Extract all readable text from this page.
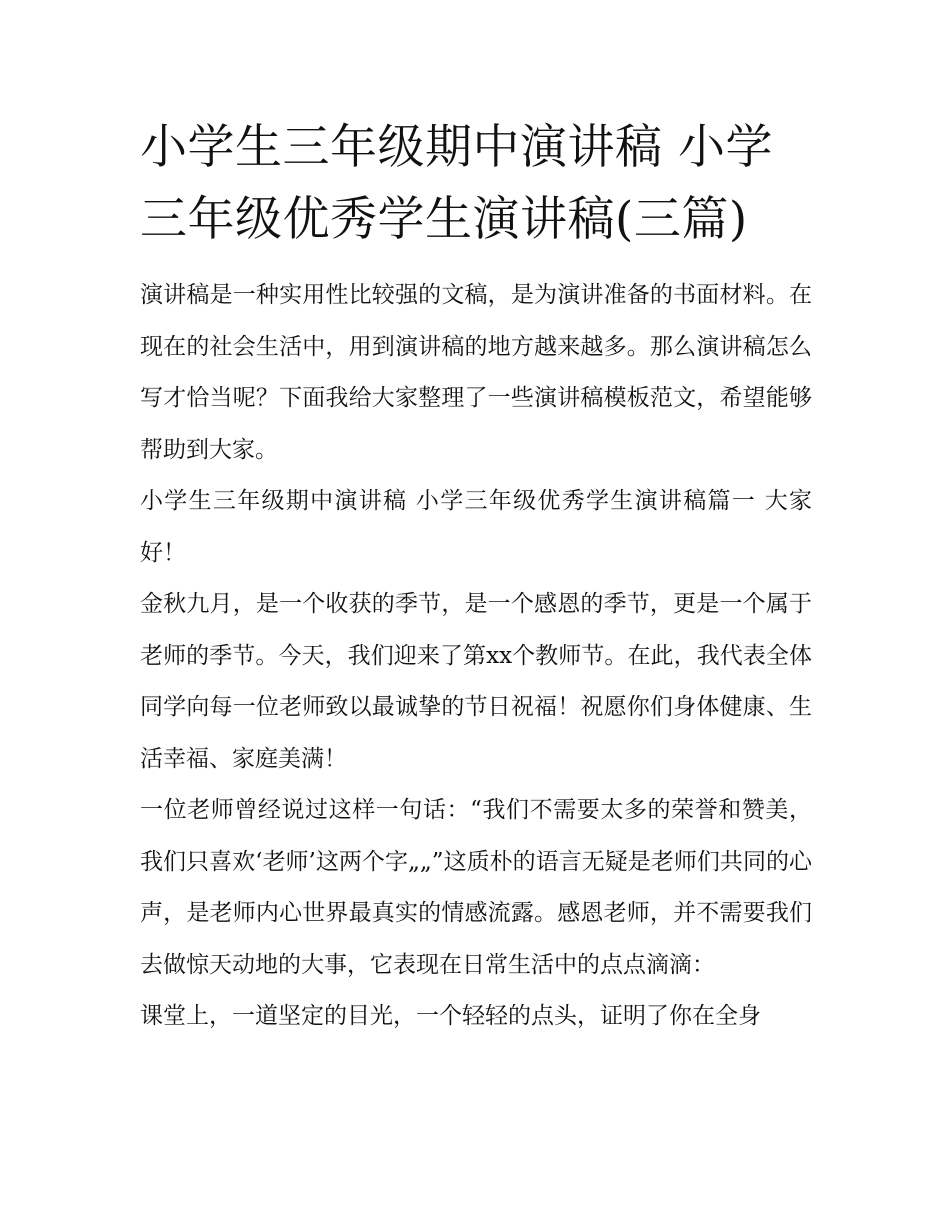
小学生三年级期中演讲稿 小学三年级优秀学生演讲稿(三篇)

演讲稿是一种实用性比较强的文稿，是为演讲准备的书面材料。在现在的社会生活中，用到演讲稿的地方越来越多。那么演讲稿怎么写才恰当呢？下面我给大家整理了一些演讲稿模板范文，希望能够帮助到大家。

小学生三年级期中演讲稿 小学三年级优秀学生演讲稿篇一 大家好！

金秋九月，是一个收获的季节，是一个感恩的季节，更是一个属于老师的季节。今天，我们迎来了第xx个教师节。在此，我代表全体同学向每一位老师致以最诚挚的节日祝福！祝愿你们身体健康、生活幸福、家庭美满！

一位老师曾经说过这样一句话：“我们不需要太多的荣誉和赞美，我们只喜欢‘老师’这两个字„„”这质朴的语言无疑是老师们共同的心声，是老师内心世界最真实的情感流露。感恩老师，并不需要我们去做惊天动地的大事，它表现在日常生活中的点点滴滴：

课堂上，一道坚定的目光，一个轻轻的点头，证明了你在全身
